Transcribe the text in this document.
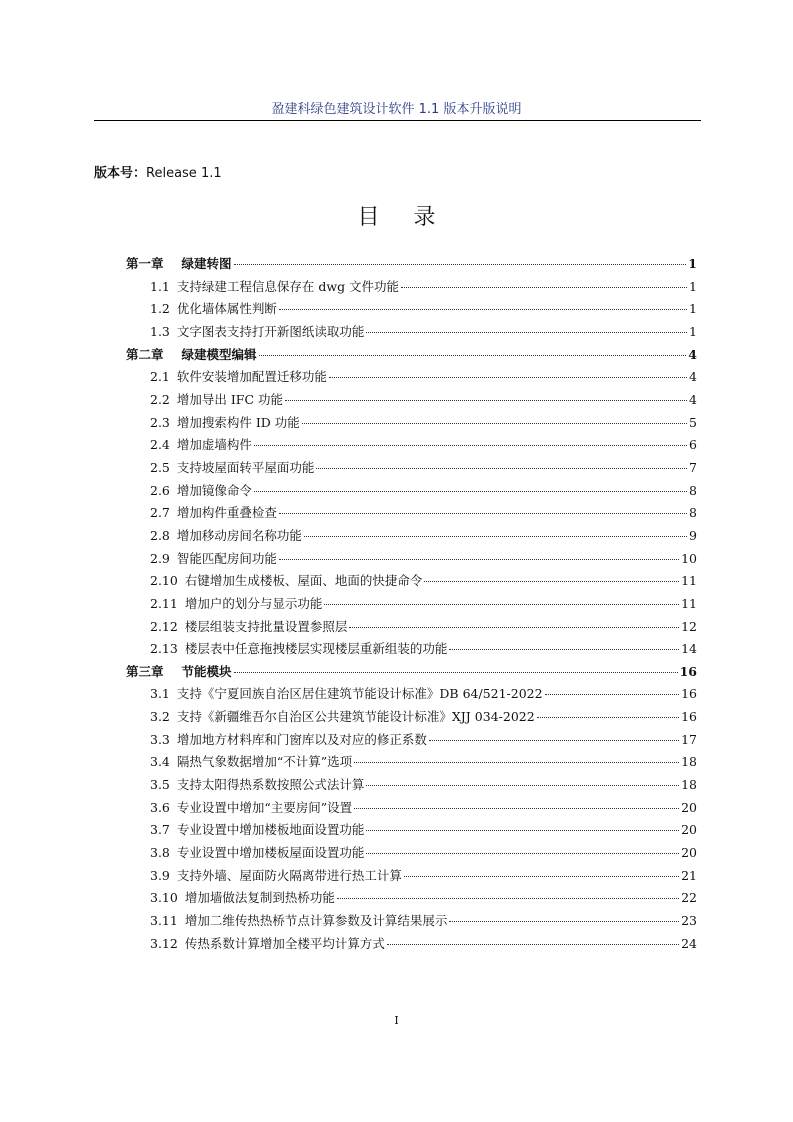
盈建科绿色建筑设计软件 1.1 版本升版说明
版本号：Release 1.1
目 录
第一章 绿建转图	1
1.1 支持绿建工程信息保存在 dwg 文件功能	1
1.2 优化墙体属性判断	1
1.3 文字图表支持打开新图纸读取功能	1
第二章 绿建模型编辑	4
2.1 软件安装增加配置迁移功能	4
2.2 增加导出 IFC 功能	4
2.3 增加搜索构件 ID 功能	5
2.4 增加虚墙构件	6
2.5 支持坡屋面转平屋面功能	7
2.6 增加镜像命令	8
2.7 增加构件重叠检查	8
2.8 增加移动房间名称功能	9
2.9 智能匹配房间功能	10
2.10 右键增加生成楼板、屋面、地面的快捷命令	11
2.11 增加户的划分与显示功能	11
2.12 楼层组装支持批量设置参照层	12
2.13 楼层表中任意拖拽楼层实现楼层重新组装的功能	14
第三章 节能模块	16
3.1 支持《宁夏回族自治区居住建筑节能设计标准》DB 64/521-2022	16
3.2 支持《新疆维吾尔自治区公共建筑节能设计标准》XJJ 034-2022	16
3.3 增加地方材料库和门窗库以及对应的修正系数	17
3.4 隔热气象数据增加“不计算”选项	18
3.5 支持太阳得热系数按照公式法计算	18
3.6 专业设置中增加“主要房间”设置	20
3.7 专业设置中增加楼板地面设置功能	20
3.8 专业设置中增加楼板屋面设置功能	20
3.9 支持外墙、屋面防火隔离带进行热工计算	21
3.10 增加墙做法复制到热桥功能	22
3.11 增加二维传热热桥节点计算参数及计算结果展示	23
3.12 传热系数计算增加全楼平均计算方式	24
I
